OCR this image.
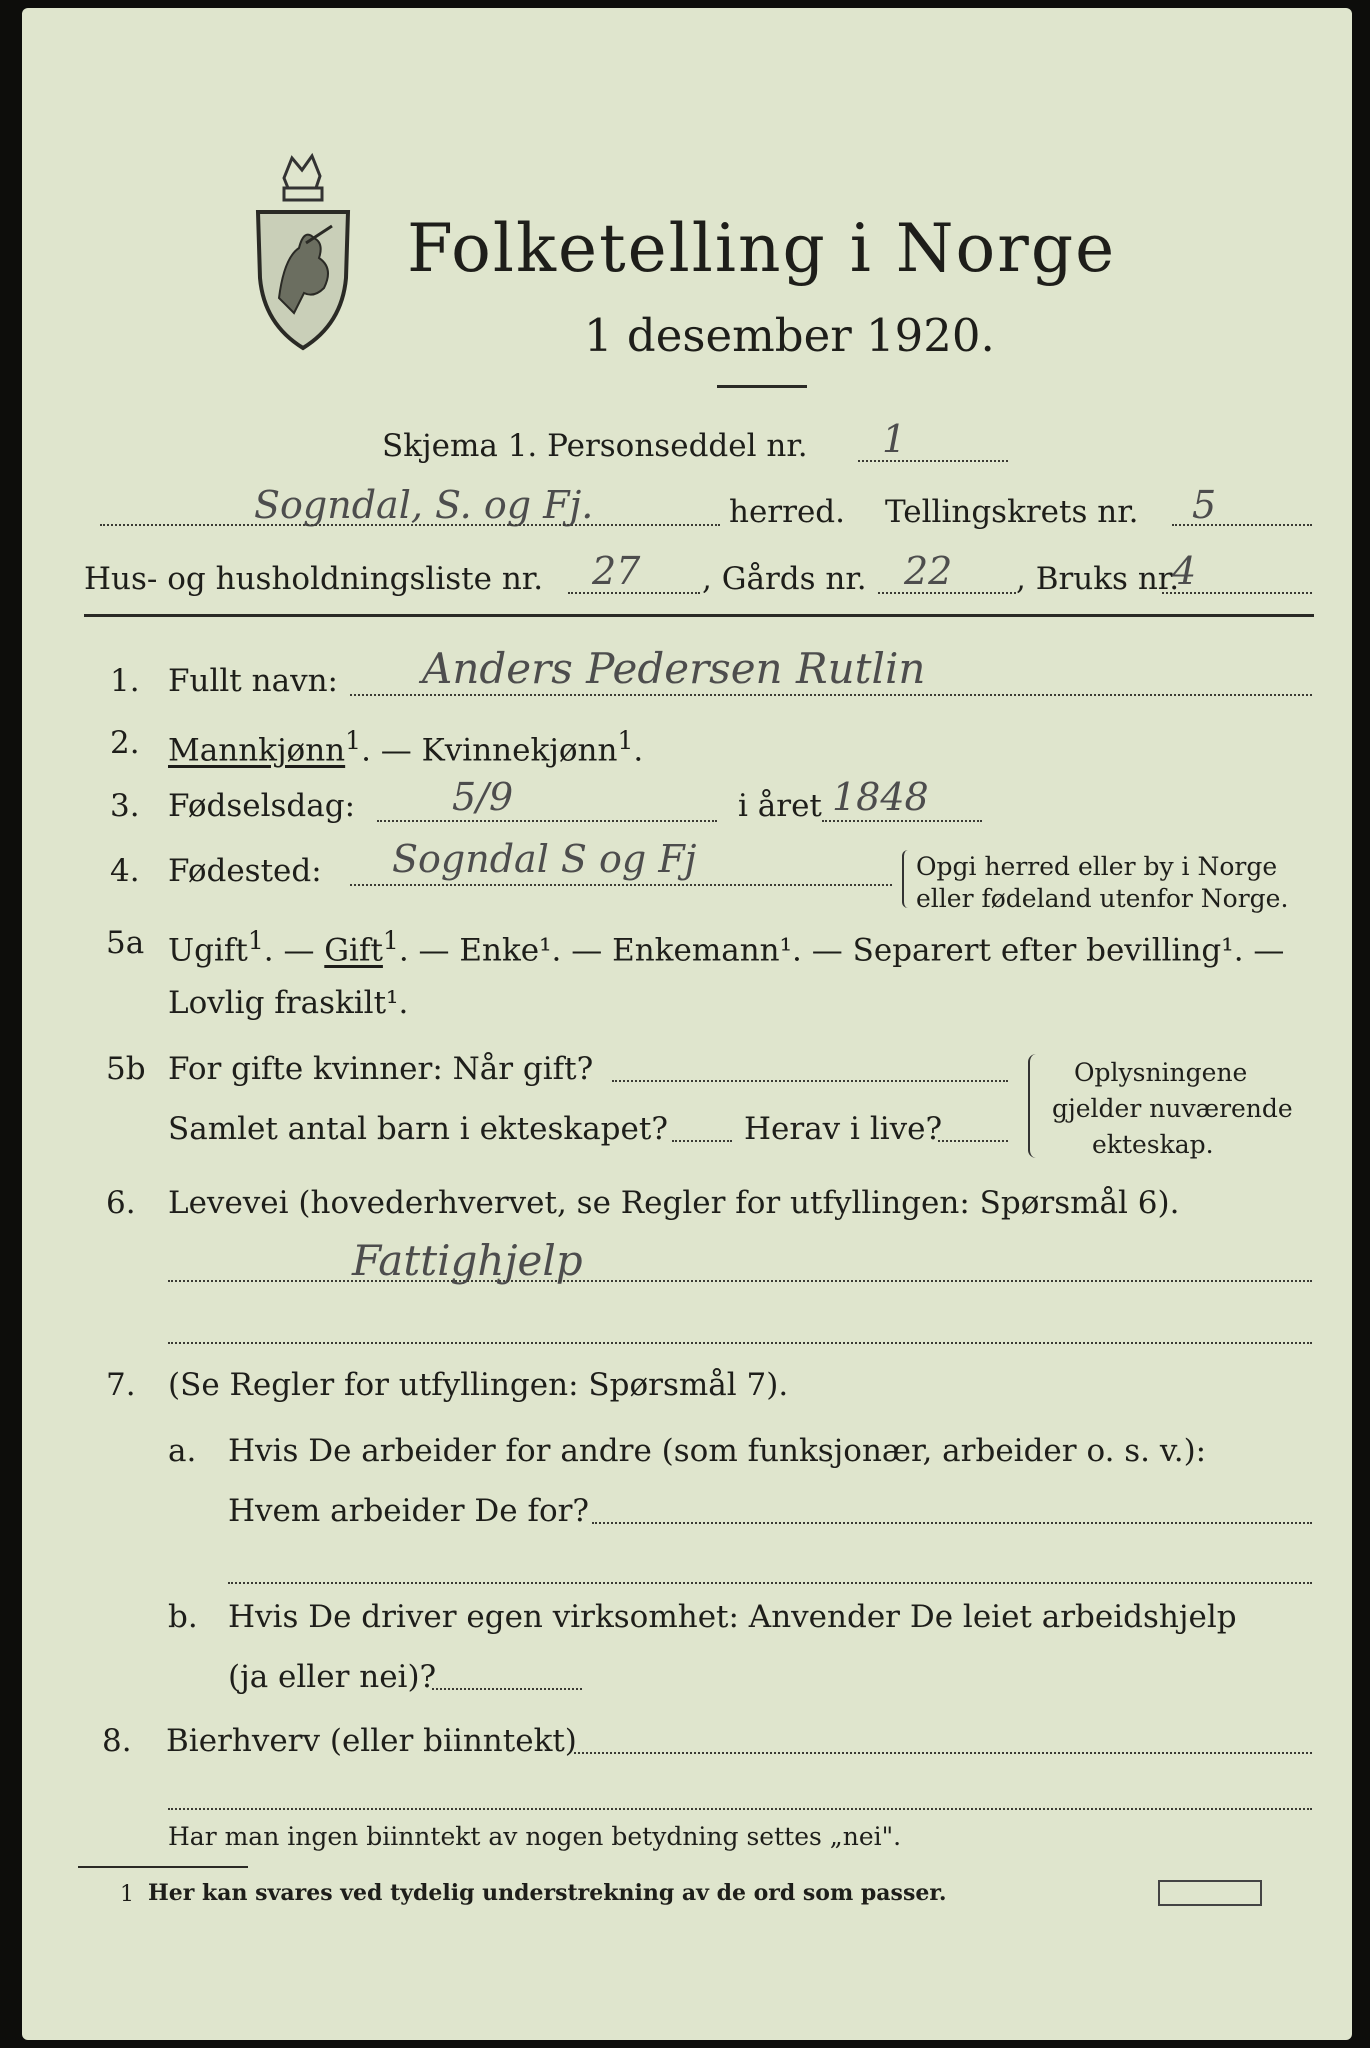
Folketelling i Norge
1 desember 1920.
Skjema 1. Personseddel nr. 1
Sogndal, S. og Fj.	herred. Tellingskrets nr. 5
Hus- og husholdningsliste nr. 27 , Gårds nr. 22 , Bruks nr.
4
1. Fullt navn: Anders Pedersen Rutlin
2. Mannkjønn$^1$. — Kvinnekjønn$^1$.
3. Fødselsdag:	5/9	i året 1848
4. Fødested: Sogndal S og Fj	Opgi herred eller by i Norge
eller fødeland utenfor Norge.
5a Ugift$^1$. — Gift$^1$. — Enke¹. — Enkemann¹. — Separert efter bevilling¹. —
Lovlig fraskilt¹.
5b For gifte kvinner: Når gift?
Samlet antal barn i ekteskapet? Herav i live?
Oplysningene
gjelder nuværende
ekteskap.
6. Levevei (hovederhvervet, se Regler for utfyllingen: Spørsmål 6).
Fattighjelp
7. (Se Regler for utfyllingen: Spørsmål 7).
a. Hvis De arbeider for andre (som funksjonær, arbeider o. s. v.):
Hvem arbeider De for?
b. Hvis De driver egen virksomhet: Anvender De leiet arbeidshjelp
(ja eller nei)?
8. Bierhverv (eller biinntekt)
Har man ingen biinntekt av nogen betydning settes „nei".
1 Her kan svares ved tydelig understrekning av de ord som passer.
